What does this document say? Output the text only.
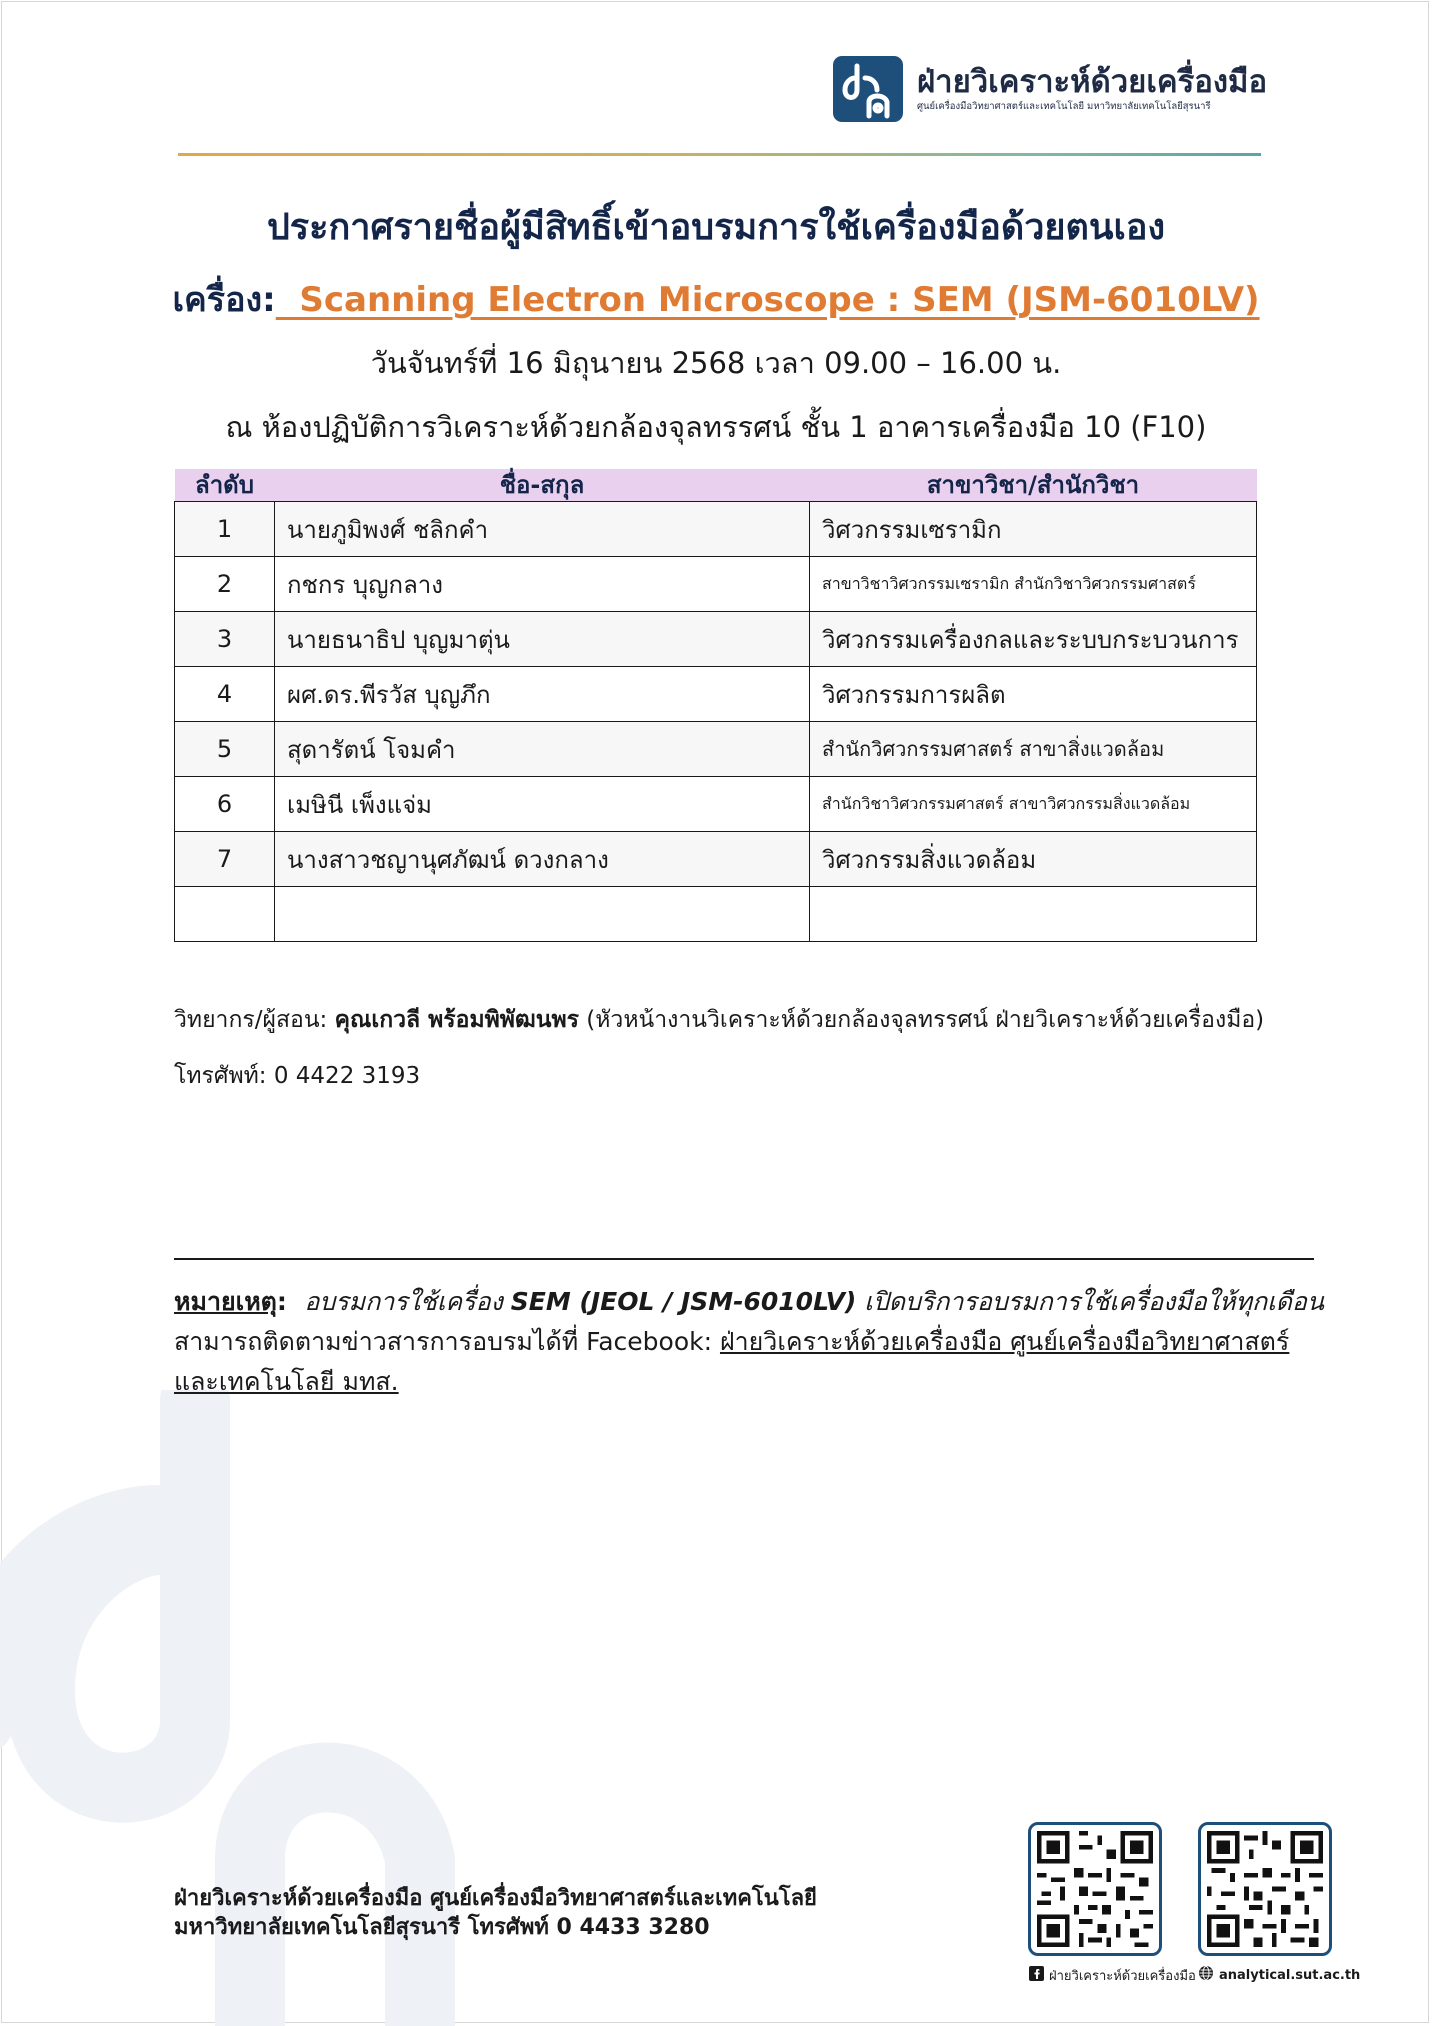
ฝ่ายวิเคราะห์ด้วยเครื่องมือ
ศูนย์เครื่องมือวิทยาศาสตร์และเทคโนโลยี มหาวิทยาลัยเทคโนโลยีสุรนารี
ประกาศรายชื่อผู้มีสิทธิ์เข้าอบรมการใช้เครื่องมือด้วยตนเอง
เครื่อง:  Scanning Electron Microscope : SEM (JSM-6010LV)
วันจันทร์ที่ 16 มิถุนายน 2568 เวลา 09.00 – 16.00 น.
ณ ห้องปฏิบัติการวิเคราะห์ด้วยกล้องจุลทรรศน์ ชั้น 1 อาคารเครื่องมือ 10 (F10)
ลำดับ	ชื่อ-สกุล	สาขาวิชา/สำนักวิชา
1	นายภูมิพงศ์ ชลิกคำ	วิศวกรรมเซรามิก
2	กชกร บุญกลาง	สาขาวิชาวิศวกรรมเซรามิก สำนักวิชาวิศวกรรมศาสตร์
3	นายธนาธิป บุญมาตุ่น	วิศวกรรมเครื่องกลและระบบกระบวนการ
4	ผศ.ดร.พีรวัส บุญภึก	วิศวกรรมการผลิต
5	สุดารัตน์ โจมคำ	สำนักวิศวกรรมศาสตร์ สาขาสิ่งแวดล้อม
6	เมษินี เพ็งแจ่ม	สำนักวิชาวิศวกรรมศาสตร์ สาขาวิศวกรรมสิ่งแวดล้อม
7	นางสาวชญานุศภัฒน์ ดวงกลาง	วิศวกรรมสิ่งแวดล้อม

วิทยากร/ผู้สอน: คุณเกวลี พร้อมพิพัฒนพร (หัวหน้างานวิเคราะห์ด้วยกล้องจุลทรรศน์ ฝ่ายวิเคราะห์ด้วยเครื่องมือ)
โทรศัพท์: 0 4422 3193
หมายเหตุ:  อบรมการใช้เครื่อง SEM (JEOL / JSM-6010LV) เปิดบริการอบรมการใช้เครื่องมือให้ทุกเดือน
สามารถติดตามข่าวสารการอบรมได้ที่ Facebook: ฝ่ายวิเคราะห์ด้วยเครื่องมือ ศูนย์เครื่องมือวิทยาศาสตร์และเทคโนโลยี มทส.
ฝ่ายวิเคราะห์ด้วยเครื่องมือ ศูนย์เครื่องมือวิทยาศาสตร์และเทคโนโลยี
มหาวิทยาลัยเทคโนโลยีสุรนารี โทรศัพท์ 0 4433 3280
ฝ่ายวิเคราะห์ด้วยเครื่องมือ analytical.sut.ac.th
